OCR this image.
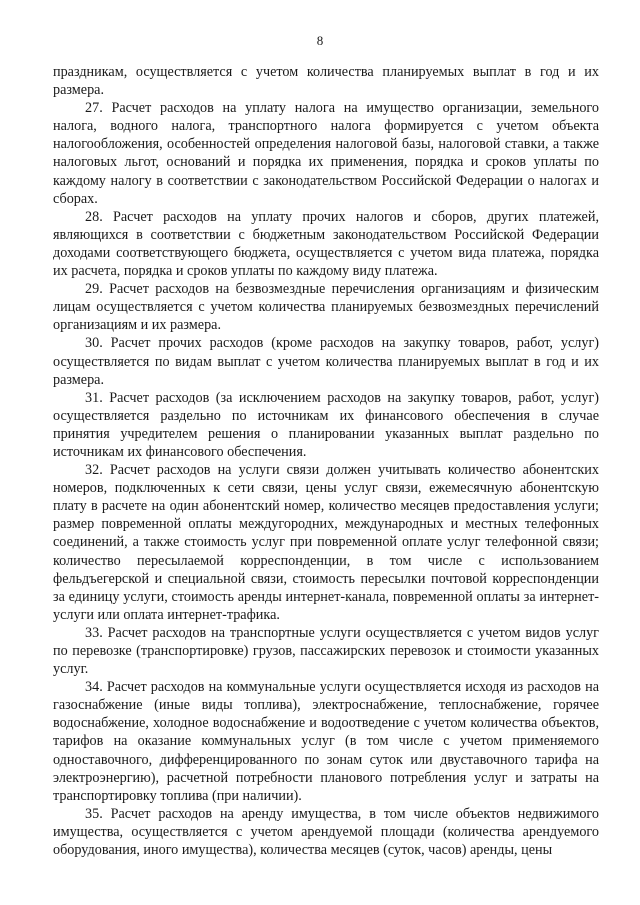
8

праздникам, осуществляется с учетом количества планируемых выплат в год и их размера.

27. Расчет расходов на уплату налога на имущество организации, земельного налога, водного налога, транспортного налога формируется с учетом объекта налогообложения, особенностей определения налоговой базы, налоговой ставки, а также налоговых льгот, оснований и порядка их применения, порядка и сроков уплаты по каждому налогу в соответствии с законодательством Российской Федерации о налогах и сборах.

28. Расчет расходов на уплату прочих налогов и сборов, других платежей, являющихся в соответствии с бюджетным законодательством Российской Федерации доходами соответствующего бюджета, осуществляется с учетом вида платежа, порядка их расчета, порядка и сроков уплаты по каждому виду платежа.

29. Расчет расходов на безвозмездные перечисления организациям и физическим лицам осуществляется с учетом количества планируемых безвозмездных перечислений организациям и их размера.

30. Расчет прочих расходов (кроме расходов на закупку товаров, работ, услуг) осуществляется по видам выплат с учетом количества планируемых выплат в год и их размера.

31. Расчет расходов (за исключением расходов на закупку товаров, работ, услуг) осуществляется раздельно по источникам их финансового обеспечения в случае принятия учредителем решения о планировании указанных выплат раздельно по источникам их финансового обеспечения.

32. Расчет расходов на услуги связи должен учитывать количество абонентских номеров, подключенных к сети связи, цены услуг связи, ежемесячную абонентскую плату в расчете на один абонентский номер, количество месяцев предоставления услуги; размер повременной оплаты междугородних, международных и местных телефонных соединений, а также стоимость услуг при повременной оплате услуг телефонной связи; количество пересылаемой корреспонденции, в том числе с использованием фельдъегерской и специальной связи, стоимость пересылки почтовой корреспонденции за единицу услуги, стоимость аренды интернет-канала, повременной оплаты за интернет-услуги или оплата интернет-трафика.

33. Расчет расходов на транспортные услуги осуществляется с учетом видов услуг по перевозке (транспортировке) грузов, пассажирских перевозок и стоимости указанных услуг.

34. Расчет расходов на коммунальные услуги осуществляется исходя из расходов на газоснабжение (иные виды топлива), электроснабжение, теплоснабжение, горячее водоснабжение, холодное водоснабжение и водоотведение с учетом количества объектов, тарифов на оказание коммунальных услуг (в том числе с учетом применяемого одноставочного, дифференцированного по зонам суток или двуставочного тарифа на электроэнергию), расчетной потребности планового потребления услуг и затраты на транспортировку топлива (при наличии).

35. Расчет расходов на аренду имущества, в том числе объектов недвижимого имущества, осуществляется с учетом арендуемой площади (количества арендуемого оборудования, иного имущества), количества месяцев (суток, часов) аренды, цены
